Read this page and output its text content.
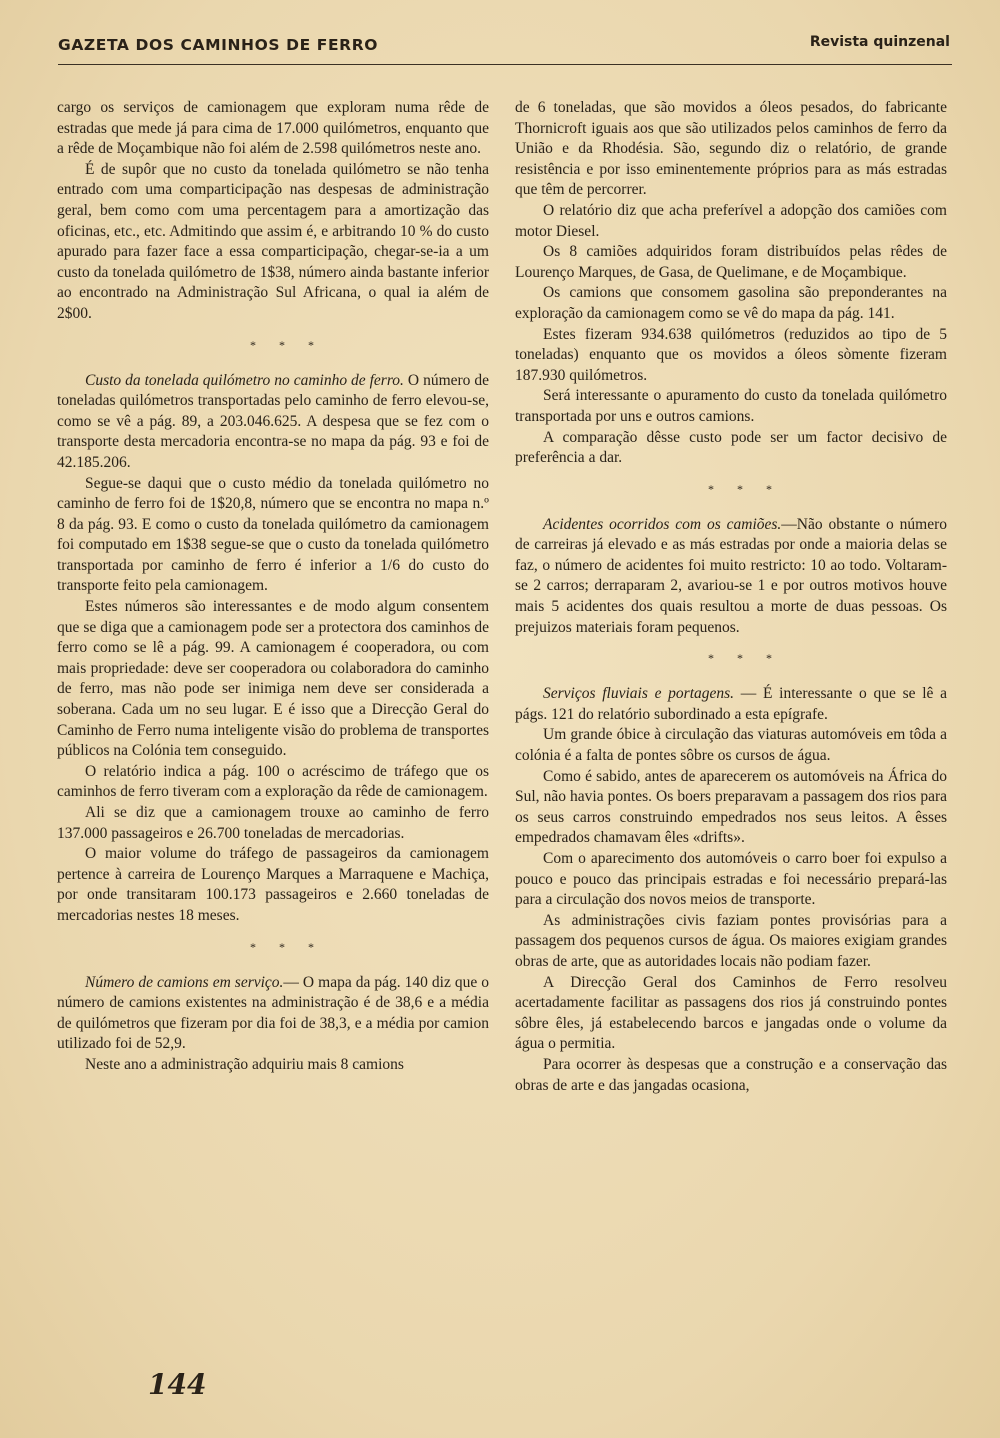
GAZETA DOS CAMINHOS DE FERRO	Revista quinzenal

cargo os serviços de camionagem que exploram numa rêde de estradas que mede já para cima de 17.000 quilómetros, enquanto que a rêde de Moçambique não foi além de 2.598 quilómetros neste ano.

É de supôr que no custo da tonelada quilómetro se não tenha entrado com uma comparticipação nas despesas de administração geral, bem como com uma percentagem para a amortização das oficinas, etc., etc. Admitindo que assim é, e arbitrando 10 % do custo apurado para fazer face a essa comparticipação, chegar-se-ia a um custo da tonelada quilómetro de 1$38, número ainda bastante inferior ao encontrado na Administração Sul Africana, o qual ia além de 2$00.

* * *

Custo da tonelada quilómetro no caminho de ferro. O número de toneladas quilómetros transportadas pelo caminho de ferro elevou-se, como se vê a pág. 89, a 203.046.625. A despesa que se fez com o transporte desta mercadoria encontra-se no mapa da pág. 93 e foi de 42.185.206.

Segue-se daqui que o custo médio da tonelada quilómetro no caminho de ferro foi de 1$20,8, número que se encontra no mapa n.º 8 da pág. 93. E como o custo da tonelada quilómetro da camionagem foi computado em 1$38 segue-se que o custo da tonelada quilómetro transportada por caminho de ferro é inferior a 1/6 do custo do transporte feito pela camionagem.

Estes números são interessantes e de modo algum consentem que se diga que a camionagem pode ser a protectora dos caminhos de ferro como se lê a pág. 99. A camionagem é cooperadora, ou com mais propriedade: deve ser cooperadora ou colaboradora do caminho de ferro, mas não pode ser inimiga nem deve ser considerada a soberana. Cada um no seu lugar. E é isso que a Direcção Geral do Caminho de Ferro numa inteligente visão do problema de transportes públicos na Colónia tem conseguido.

O relatório indica a pág. 100 o acréscimo de tráfego que os caminhos de ferro tiveram com a exploração da rêde de camionagem.

Ali se diz que a camionagem trouxe ao caminho de ferro 137.000 passageiros e 26.700 toneladas de mercadorias.

O maior volume do tráfego de passageiros da camionagem pertence à carreira de Lourenço Marques a Marraquene e Machiça, por onde transitaram 100.173 passageiros e 2.660 toneladas de mercadorias nestes 18 meses.

* * *

Número de camions em serviço.— O mapa da pág. 140 diz que o número de camions existentes na administração é de 38,6 e a média de quilómetros que fizeram por dia foi de 38,3, e a média por camion utilizado foi de 52,9.

Neste ano a administração adquiriu mais 8 camions

de 6 toneladas, que são movidos a óleos pesados, do fabricante Thornicroft iguais aos que são utilizados pelos caminhos de ferro da União e da Rhodésia. São, segundo diz o relatório, de grande resistência e por isso eminentemente próprios para as más estradas que têm de percorrer.

O relatório diz que acha preferível a adopção dos camiões com motor Diesel.

Os 8 camiões adquiridos foram distribuídos pelas rêdes de Lourenço Marques, de Gasa, de Quelimane, e de Moçambique.

Os camions que consomem gasolina são preponderantes na exploração da camionagem como se vê do mapa da pág. 141.

Estes fizeram 934.638 quilómetros (reduzidos ao tipo de 5 toneladas) enquanto que os movidos a óleos sòmente fizeram 187.930 quilómetros.

Será interessante o apuramento do custo da tonelada quilómetro transportada por uns e outros camions.

A comparação dêsse custo pode ser um factor decisivo de preferência a dar.

* * *

Acidentes ocorridos com os camiões.—Não obstante o número de carreiras já elevado e as más estradas por onde a maioria delas se faz, o número de acidentes foi muito restricto: 10 ao todo. Voltaram-se 2 carros; derraparam 2, avariou-se 1 e por outros motivos houve mais 5 acidentes dos quais resultou a morte de duas pessoas. Os prejuizos materiais foram pequenos.

* * *

Serviços fluviais e portagens. — É interessante o que se lê a págs. 121 do relatório subordinado a esta epígrafe.

Um grande óbice à circulação das viaturas automóveis em tôda a colónia é a falta de pontes sôbre os cursos de água.

Como é sabido, antes de aparecerem os automóveis na África do Sul, não havia pontes. Os boers preparavam a passagem dos rios para os seus carros construindo empedrados nos seus leitos. A êsses empedrados chamavam êles «drifts».

Com o aparecimento dos automóveis o carro boer foi expulso a pouco e pouco das principais estradas e foi necessário prepará-las para a circulação dos novos meios de transporte.

As administrações civis faziam pontes provisórias para a passagem dos pequenos cursos de água. Os maiores exigiam grandes obras de arte, que as autoridades locais não podiam fazer.

A Direcção Geral dos Caminhos de Ferro resolveu acertadamente facilitar as passagens dos rios já construindo pontes sôbre êles, já estabelecendo barcos e jangadas onde o volume da água o permitia.

Para ocorrer às despesas que a construção e a conservação das obras de arte e das jangadas ocasiona,

144
